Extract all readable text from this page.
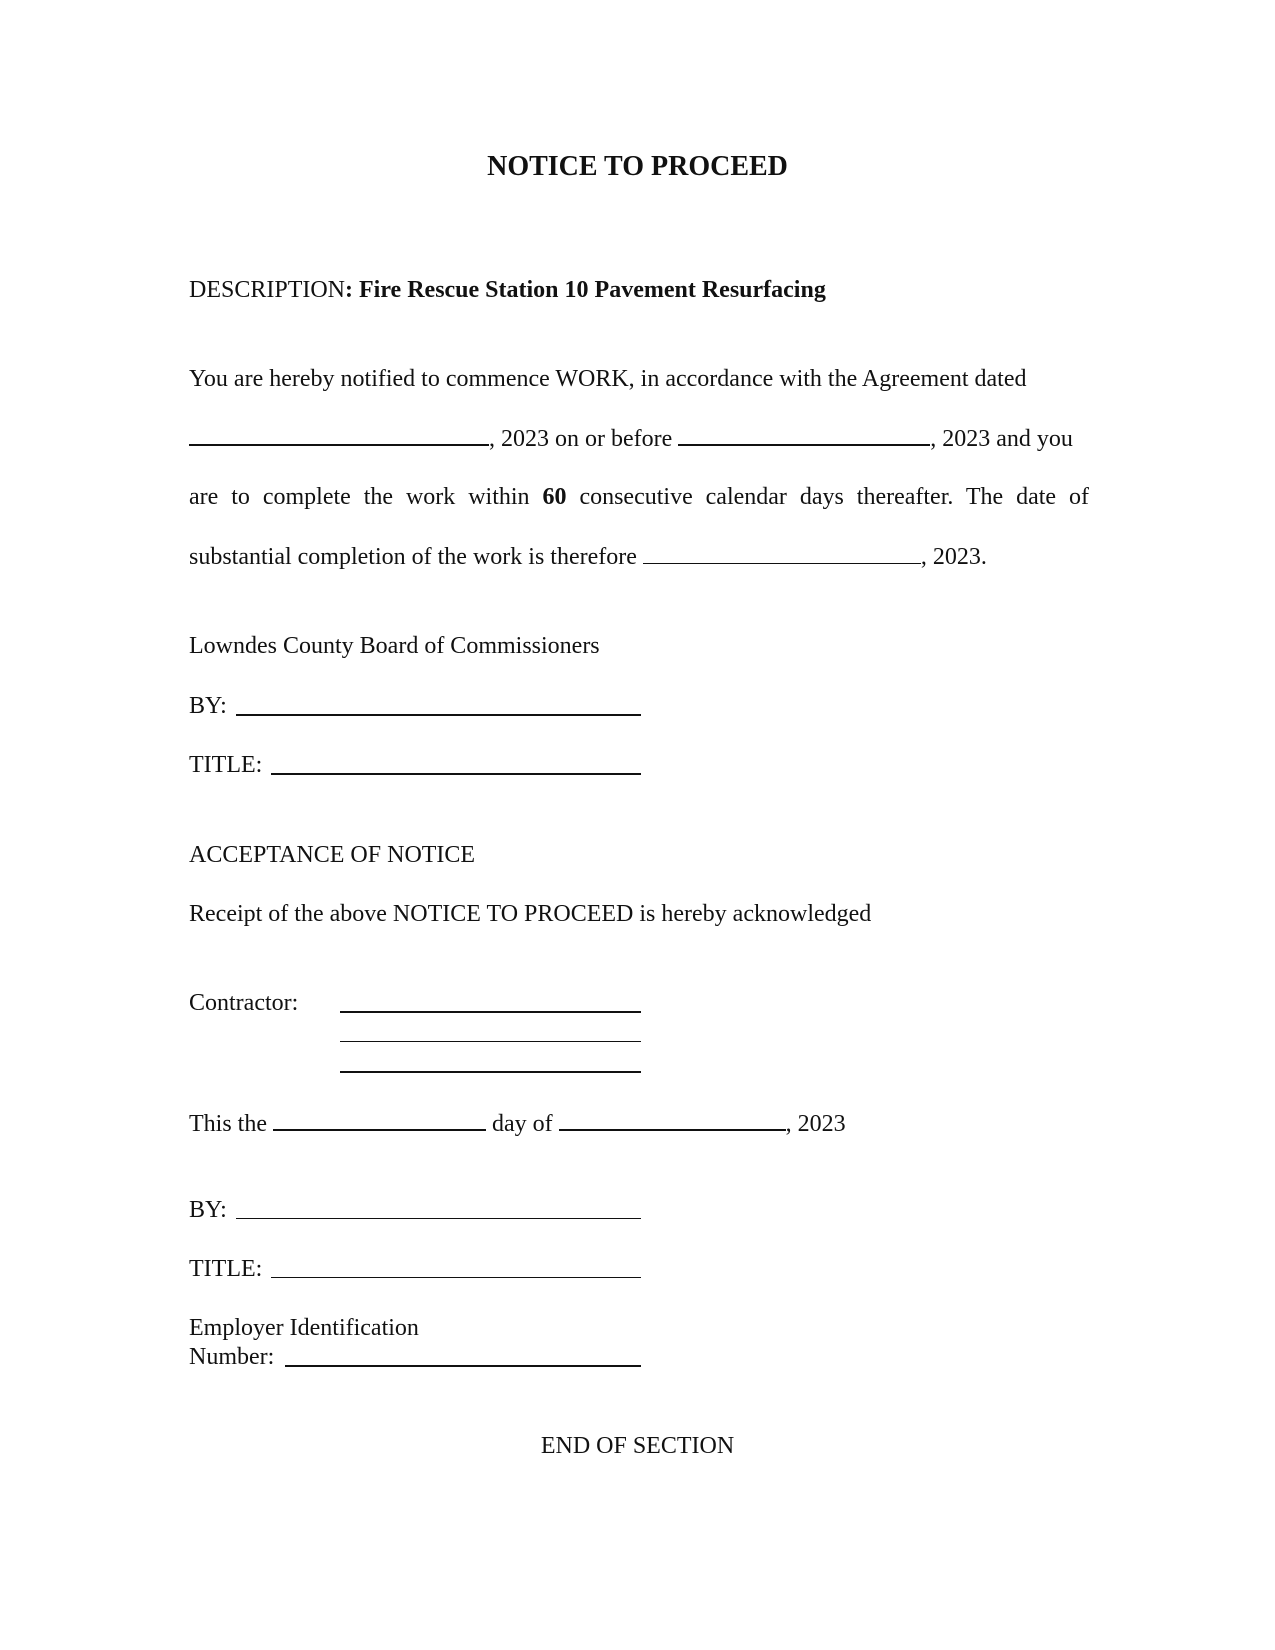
NOTICE TO PROCEED
DESCRIPTION: Fire Rescue Station 10 Pavement Resurfacing
You are hereby notified to commence WORK, in accordance with the Agreement dated
, 2023 on or before	, 2023 and you
are to complete the work within 60 consecutive calendar days thereafter. The date of
substantial completion of the work is therefore	, 2023.
Lowndes County Board of Commissioners
BY:
TITLE:
ACCEPTANCE OF NOTICE
Receipt of the above NOTICE TO PROCEED is hereby acknowledged
Contractor:
This the	day of	, 2023
BY:
TITLE:
Employer Identification
Number:
END OF SECTION
